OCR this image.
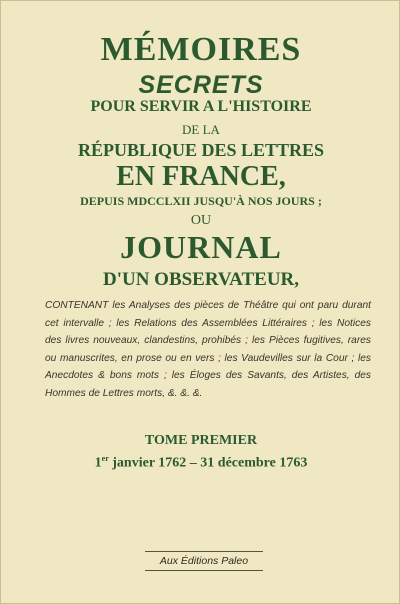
MÉMOIRES
SECRETS
POUR SERVIR A L'HISTOIRE
DE LA
RÉPUBLIQUE DES LETTRES
EN FRANCE,
DEPUIS MDCCLXII JUSQU'À NOS JOURS ;
OU
JOURNAL
D'UN OBSERVATEUR,
CONTENANT les Analyses des pièces de Théâtre qui ont paru durant cet intervalle ; les Relations des Assemblées Littéraires ; les Notices des livres nouveaux, clandestins, prohibés ; les Pièces fugitives, rares ou manuscrites, en prose ou en vers ; les Vaudevilles sur la Cour ; les Anecdotes & bons mots ; les Éloges des Savants, des Artistes, des Hommes de Lettres morts, &. &. &.
TOME PREMIER
1er janvier 1762 – 31 décembre 1763
Aux Éditions Paleo
